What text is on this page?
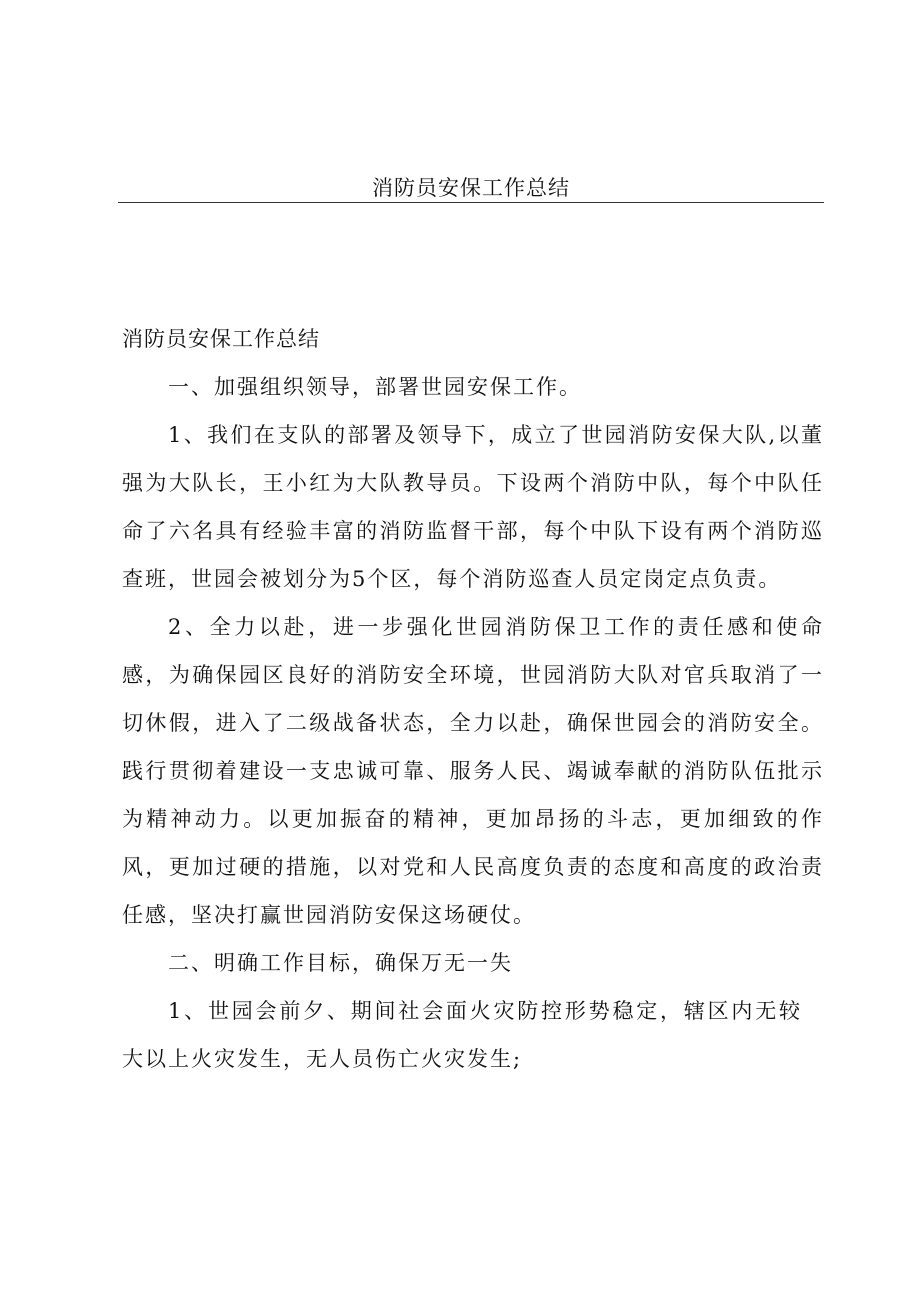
消防员安保工作总结

消防员安保工作总结

一、加强组织领导，部署世园安保工作。

1、我们在支队的部署及领导下，成立了世园消防安保大队,以董强为大队长，王小红为大队教导员。下设两个消防中队，每个中队任命了六名具有经验丰富的消防监督干部，每个中队下设有两个消防巡查班，世园会被划分为5个区，每个消防巡查人员定岗定点负责。

2、全力以赴，进一步强化世园消防保卫工作的责任感和使命感，为确保园区良好的消防安全环境，世园消防大队对官兵取消了一切休假，进入了二级战备状态，全力以赴，确保世园会的消防安全。践行贯彻着建设一支忠诚可靠、服务人民、竭诚奉献的消防队伍批示为精神动力。以更加振奋的精神，更加昂扬的斗志，更加细致的作风，更加过硬的措施，以对党和人民高度负责的态度和高度的政治责任感，坚决打赢世园消防安保这场硬仗。

二、明确工作目标，确保万无一失

1、世园会前夕、期间社会面火灾防控形势稳定，辖区内无较大以上火灾发生，无人员伤亡火灾发生;
